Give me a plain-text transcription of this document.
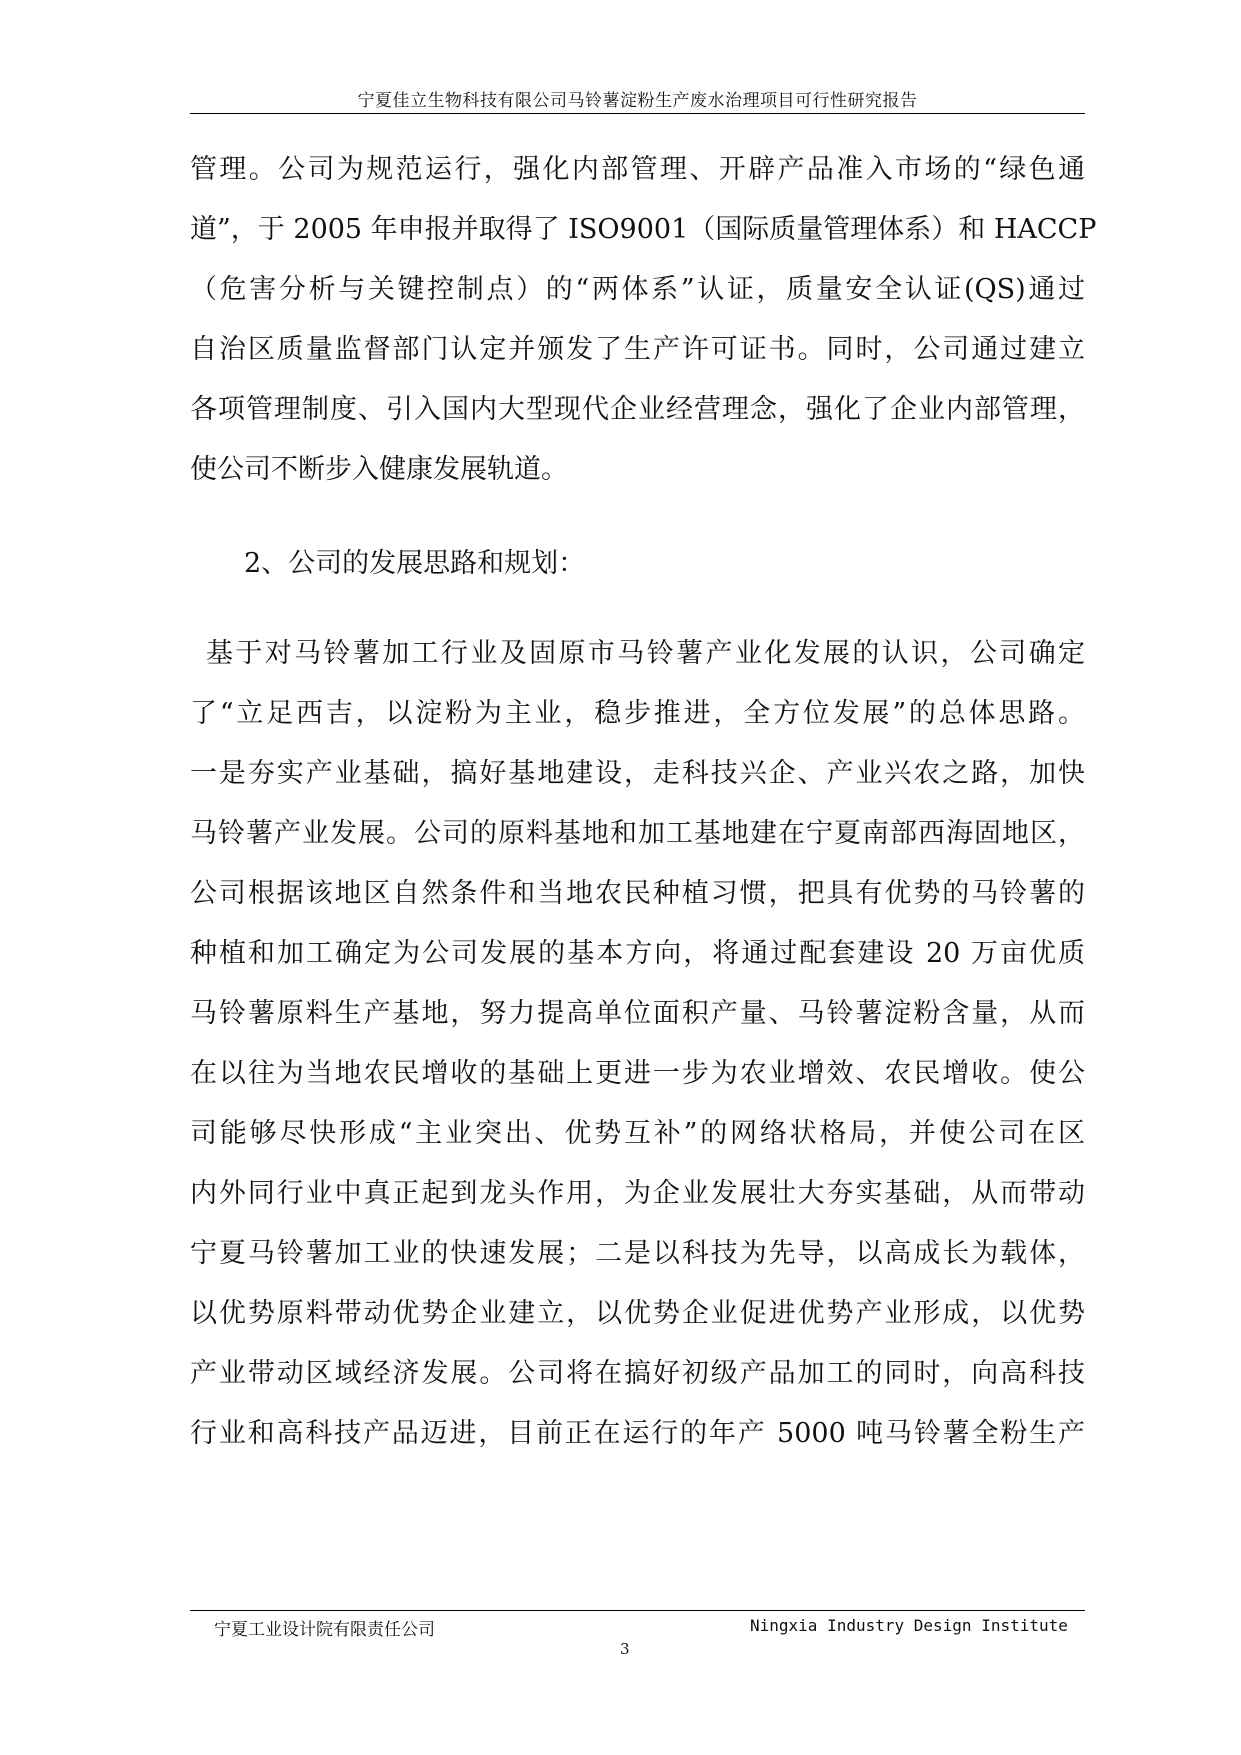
宁夏佳立生物科技有限公司马铃薯淀粉生产废水治理项目可行性研究报告
管理。公司为规范运行，强化内部管理、开辟产品准入市场的“绿色通
道”，于 2005 年申报并取得了 ISO9001（国际质量管理体系）和 HACCP
（危害分析与关键控制点）的“两体系”认证，质量安全认证(QS)通过
自治区质量监督部门认定并颁发了生产许可证书。同时，公司通过建立
各项管理制度、引入国内大型现代企业经营理念，强化了企业内部管理，
使公司不断步入健康发展轨道。
2、公司的发展思路和规划：
基于对马铃薯加工行业及固原市马铃薯产业化发展的认识，公司确定
了“立足西吉，以淀粉为主业，稳步推进，全方位发展”的总体思路。
一是夯实产业基础，搞好基地建设，走科技兴企、产业兴农之路，加快
马铃薯产业发展。公司的原料基地和加工基地建在宁夏南部西海固地区，
公司根据该地区自然条件和当地农民种植习惯，把具有优势的马铃薯的
种植和加工确定为公司发展的基本方向，将通过配套建设 20 万亩优质
马铃薯原料生产基地，努力提高单位面积产量、马铃薯淀粉含量，从而
在以往为当地农民增收的基础上更进一步为农业增效、农民增收。使公
司能够尽快形成“主业突出、优势互补”的网络状格局，并使公司在区
内外同行业中真正起到龙头作用，为企业发展壮大夯实基础，从而带动
宁夏马铃薯加工业的快速发展；二是以科技为先导，以高成长为载体，
以优势原料带动优势企业建立，以优势企业促进优势产业形成，以优势
产业带动区域经济发展。公司将在搞好初级产品加工的同时，向高科技
行业和高科技产品迈进，目前正在运行的年产 5000 吨马铃薯全粉生产
宁夏工业设计院有限责任公司	Ningxia Industry Design Institute
3
